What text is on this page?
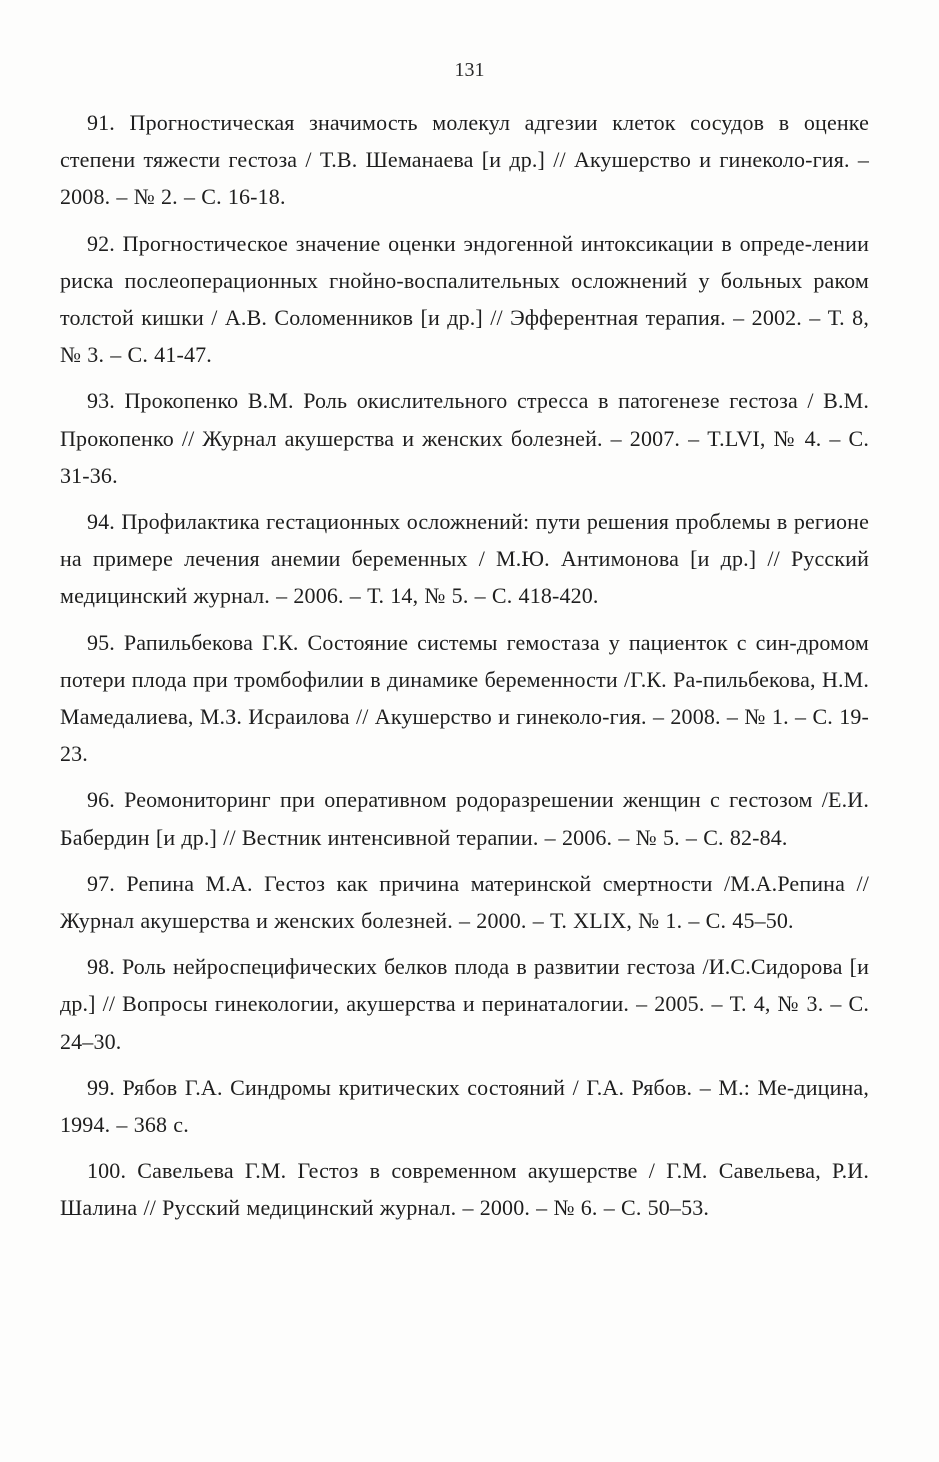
131
91. Прогностическая значимость молекул адгезии клеток сосудов в оценке степени тяжести гестоза / Т.В. Шеманаева [и др.] // Акушерство и гинеколо-гия. – 2008. – № 2. – С. 16-18.
92. Прогностическое значение оценки эндогенной интоксикации в опреде-лении риска послеоперационных гнойно-воспалительных осложнений у больных раком толстой кишки / А.В. Соломенников [и др.] // Эфферентная терапия. – 2002. – Т. 8, № 3. – С. 41-47.
93. Прокопенко В.М. Роль окислительного стресса в патогенезе гестоза / В.М. Прокопенко // Журнал акушерства и женских болезней. – 2007. – T.LVI, № 4. – С. 31-36.
94. Профилактика гестационных осложнений: пути решения проблемы в регионе на примере лечения анемии беременных / М.Ю. Антимонова [и др.] // Русский медицинский журнал. – 2006. – Т. 14, № 5. – С. 418-420.
95. Рапильбекова Г.К. Состояние системы гемостаза у пациенток с син-дромом потери плода при тромбофилии в динамике беременности /Г.К. Ра-пильбекова, Н.М. Мамедалиева, М.З. Исраилова // Акушерство и гинеколо-гия. – 2008. – № 1. – С. 19-23.
96. Реомониторинг при оперативном родоразрешении женщин с гестозом /Е.И. Бабердин [и др.] // Вестник интенсивной терапии. – 2006. – № 5. – С. 82-84.
97. Репина М.А. Гестоз как причина материнской смертности /М.А.Репина // Журнал акушерства и женских болезней. – 2000. – Т. XLIX, № 1. – С. 45–50.
98. Роль нейроспецифических белков плода в развитии гестоза /И.С.Сидорова [и др.] // Вопросы гинекологии, акушерства и перинаталогии. – 2005. – Т. 4, № 3. – С. 24–30.
99. Рябов Г.А. Синдромы критических состояний / Г.А. Рябов. – М.: Ме-дицина, 1994. – 368 с.
100. Савельева Г.М. Гестоз в современном акушерстве / Г.М. Савельева, Р.И. Шалина // Русский медицинский журнал. – 2000. – № 6. – С. 50–53.
